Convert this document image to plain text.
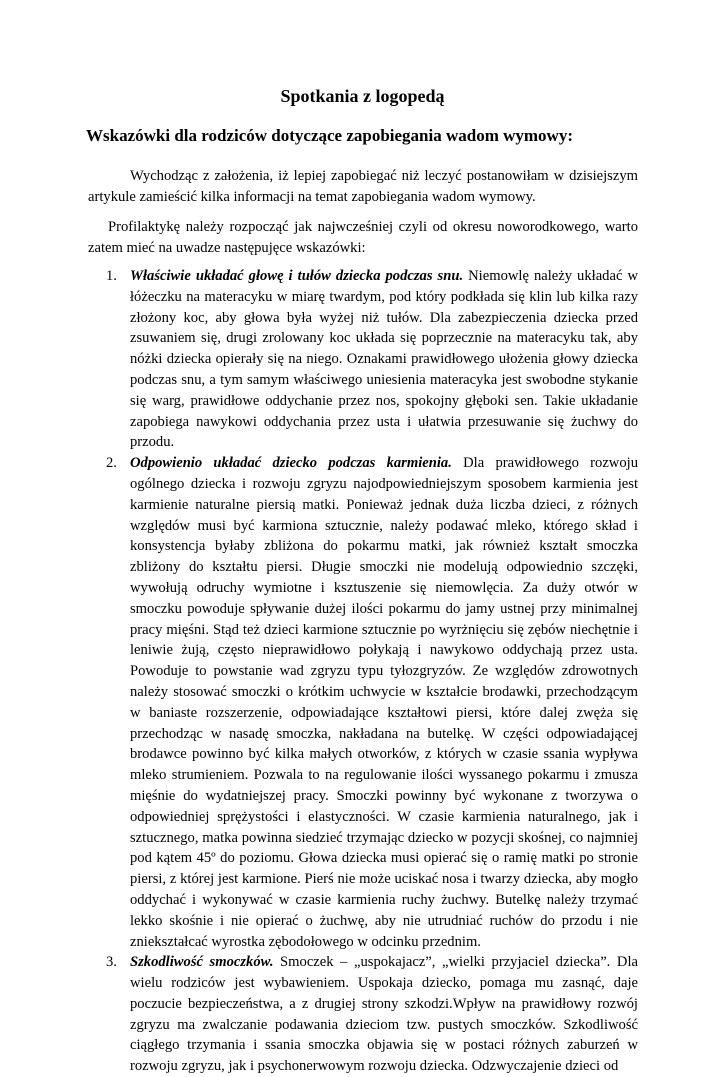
Spotkania z logopedą
Wskazówki dla rodziców dotyczące zapobiegania wadom wymowy:
Wychodząc z założenia, iż lepiej zapobiegać niż leczyć postanowiłam w dzisiejszym artykule zamieścić kilka informacji na temat zapobiegania wadom wymowy.
Profilaktykę należy rozpocząć jak najwcześniej czyli od okresu noworodkowego, warto zatem mieć na uwadze następujęce wskazówki:
1. Właściwie układać głowę i tułów dziecka podczas snu. Niemowlę należy układać w łóżeczku na materacyku w miarę twardym, pod który podkłada się klin lub kilka razy złożony koc, aby głowa była wyżej niż tułów. Dla zabezpieczenia dziecka przed zsuwaniem się, drugi zrolowany koc układa się poprzecznie na materacyku tak, aby nóżki dziecka opierały się na niego. Oznakami prawidłowego ułożenia głowy dziecka podczas snu, a tym samym właściwego uniesienia materacyka jest swobodne stykanie się warg, prawidłowe oddychanie przez nos, spokojny głęboki sen. Takie układanie zapobiega nawykowi oddychania przez usta i ułatwia przesuwanie się żuchwy do przodu.
2. Odpowienio układać dziecko podczas karmienia. Dla prawidłowego rozwoju ogólnego dziecka i rozwoju zgryzu najodpowiedniejszym sposobem karmienia jest karmienie naturalne piersią matki. Ponieważ jednak duża liczba dzieci, z różnych względów musi być karmiona sztucznie, należy podawać mleko, którego skład i konsystencja byłaby zbliżona do pokarmu matki, jak również kształt smoczka zbliżony do kształtu piersi. Długie smoczki nie modelują odpowiednio szczęki, wywołują odruchy wymiotne i ksztuszenie się niemowlęcia. Za duży otwór w smoczku powoduje spływanie dużej ilości pokarmu do jamy ustnej przy minimalnej pracy mięśni. Stąd też dzieci karmione sztucznie po wyrżnięciu się zębów niechętnie i leniwie żują, często nieprawidłowo połykają i nawykowo oddychają przez usta. Powoduje to powstanie wad zgryzu typu tyłozgryzów. Ze względów zdrowotnych należy stosować smoczki o krótkim uchwycie w kształcie brodawki, przechodzącym w baniaste rozszerzenie, odpowiadające kształtowi piersi, które dalej zwęża się przechodząc w nasadę smoczka, nakładana na butelkę. W części odpowiadającej brodawce powinno być kilka małych otworków, z których w czasie ssania wypływa mleko strumieniem. Pozwala to na regulowanie ilości wyssanego pokarmu i zmusza mięśnie do wydatniejszej pracy. Smoczki powinny być wykonane z tworzywa o odpowiedniej sprężystości i elastyczności. W czasie karmienia naturalnego, jak i sztucznego, matka powinna siedzieć trzymając dziecko w pozycji skośnej, co najmniej pod kątem 45º do poziomu. Głowa dziecka musi opierać się o ramię matki po stronie piersi, z której jest karmione. Pierś nie może uciskać nosa i twarzy dziecka, aby mogło oddychać i wykonywać w czasie karmienia ruchy żuchwy. Butelkę należy trzymać lekko skośnie i nie opierać o żuchwę, aby nie utrudniać ruchów do przodu i nie zniekształcać wyrostka zębodołowego w odcinku przednim.
3. Szkodliwość smoczków. Smoczek – „uspokajacz”, „wielki przyjaciel dziecka”. Dla wielu rodziców jest wybawieniem. Uspokaja dziecko, pomaga mu zasnąć, daje poczucie bezpieczeństwa, a z drugiej strony szkodzi.Wpływ na prawidłowy rozwój zgryzu ma zwalczanie podawania dzieciom tzw. pustych smoczków. Szkodliwość ciągłego trzymania i ssania smoczka objawia się w postaci różnych zaburzeń w rozwoju zgryzu, jak i psychonerwowym rozwoju dziecka. Odzwyczajenie dzieci od
